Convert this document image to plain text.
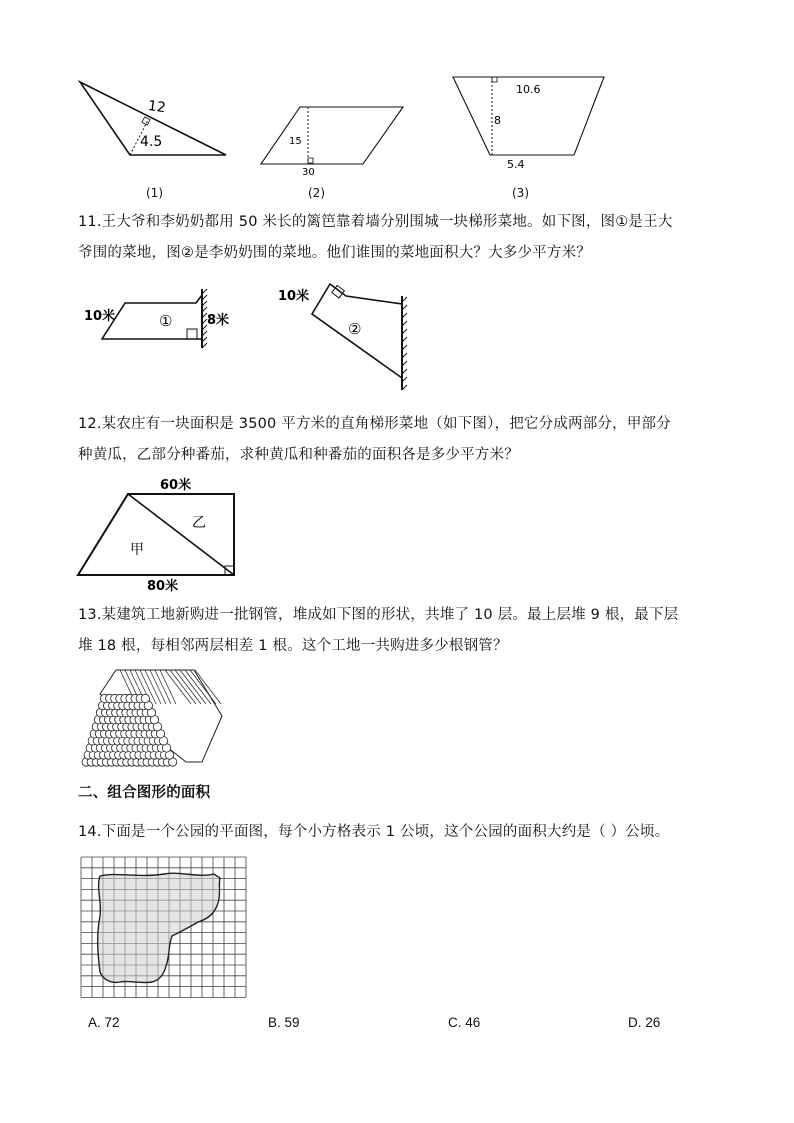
12
4.5
(1)
15
30
(2)
10.6
8
5.4
(3)
11.王大爷和李奶奶都用 50 米长的篱笆靠着墙分别围城一块梯形菜地。如下图，图①是王大
爷围的菜地，图②是李奶奶围的菜地。他们谁围的菜地面积大？大多少平方米？
10米	①	8米
10米
②
12.某农庄有一块面积是 3500 平方米的直角梯形菜地（如下图），把它分成两部分，甲部分
种黄瓜，乙部分种番茄，求种黄瓜和种番茄的面积各是多少平方米？
60米
80米
乙
甲
13.某建筑工地新购进一批钢管，堆成如下图的形状，共堆了 10 层。最上层堆 9 根，最下层
堆 18 根，每相邻两层相差 1 根。这个工地一共购进多少根钢管？
二、组合图形的面积
14.下面是一个公园的平面图，每个小方格表示 1 公顷，这个公园的面积大约是（ ）公顷。
A. 72	B. 59	C. 46	D. 26
